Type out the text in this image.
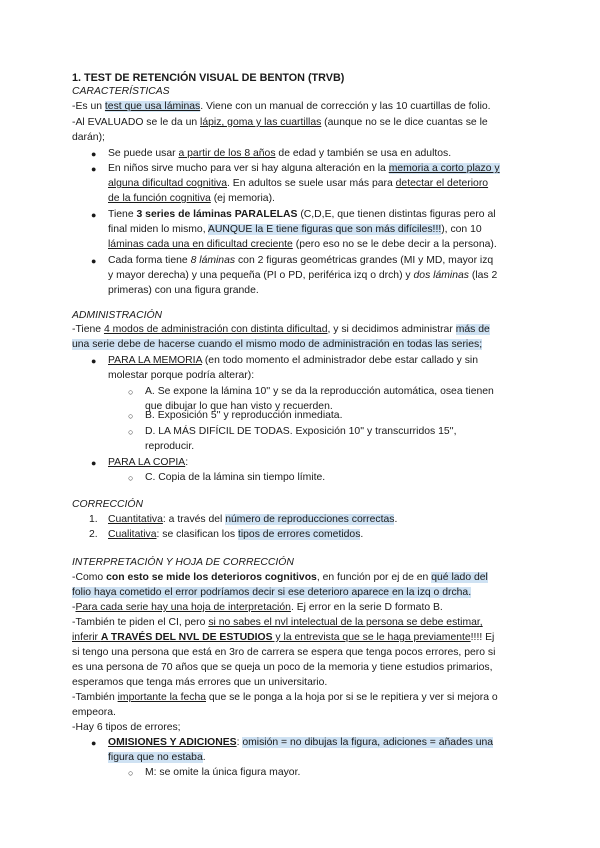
1. TEST DE RETENCIÓN VISUAL DE BENTON (TRVB)
CARACTERÍSTICAS
-Es un test que usa láminas. Viene con un manual de corrección y las 10 cuartillas de folio.
-Al EVALUADO se le da un lápiz, goma y las cuartillas (aunque no se le dice cuantas se le
darán);
● Se puede usar a partir de los 8 años de edad y también se usa en adultos.
● En niños sirve mucho para ver si hay alguna alteración en la memoria a corto plazo y
alguna dificultad cognitiva. En adultos se suele usar más para detectar el deterioro
de la función cognitiva (ej memoria).
● Tiene 3 series de láminas PARALELAS (C,D,E, que tienen distintas figuras pero al
final miden lo mismo, AUNQUE la E tiene figuras que son más difíciles!!!), con 10
láminas cada una en dificultad creciente (pero eso no se le debe decir a la persona).
● Cada forma tiene 8 láminas con 2 figuras geométricas grandes (MI y MD, mayor izq
y mayor derecha) y una pequeña (PI o PD, periférica izq o drch) y dos láminas (las 2
primeras) con una figura grande.
ADMINISTRACIÓN
-Tiene 4 modos de administración con distinta dificultad, y si decidimos administrar más de
una serie debe de hacerse cuando el mismo modo de administración en todas las series;
● PARA LA MEMORIA (en todo momento el administrador debe estar callado y sin
molestar porque podría alterar):
○ A. Se expone la lámina 10'' y se da la reproducción automática, osea tienen
que dibujar lo que han visto y recuerden.
○ B. Exposición 5'' y reproducción inmediata.
○ D. LA MÁS DIFÍCIL DE TODAS. Exposición 10'' y transcurridos 15'',
reproducir.
● PARA LA COPIA:
○ C. Copia de la lámina sin tiempo límite.
CORRECCIÓN
1. Cuantitativa: a través del número de reproducciones correctas.
2. Cualitativa: se clasifican los tipos de errores cometidos.
INTERPRETACIÓN Y HOJA DE CORRECCIÓN
-Como con esto se mide los deterioros cognitivos, en función por ej de en qué lado del
folio haya cometido el error podríamos decir si ese deterioro aparece en la izq o drcha.
-Para cada serie hay una hoja de interpretación. Ej error en la serie D formato B.
-También te piden el CI, pero si no sabes el nvl intelectual de la persona se debe estimar,
inferir A TRAVÉS DEL NVL DE ESTUDIOS y la entrevista que se le haga previamente!!!! Ej
si tengo una persona que está en 3ro de carrera se espera que tenga pocos errores, pero si
es una persona de 70 años que se queja un poco de la memoria y tiene estudios primarios,
esperamos que tenga más errores que un universitario.
-También importante la fecha que se le ponga a la hoja por si se le repitiera y ver si mejora o
empeora.
-Hay 6 tipos de errores;
● OMISIONES Y ADICIONES: omisión = no dibujas la figura, adiciones = añades una
figura que no estaba.
○ M: se omite la única figura mayor.
